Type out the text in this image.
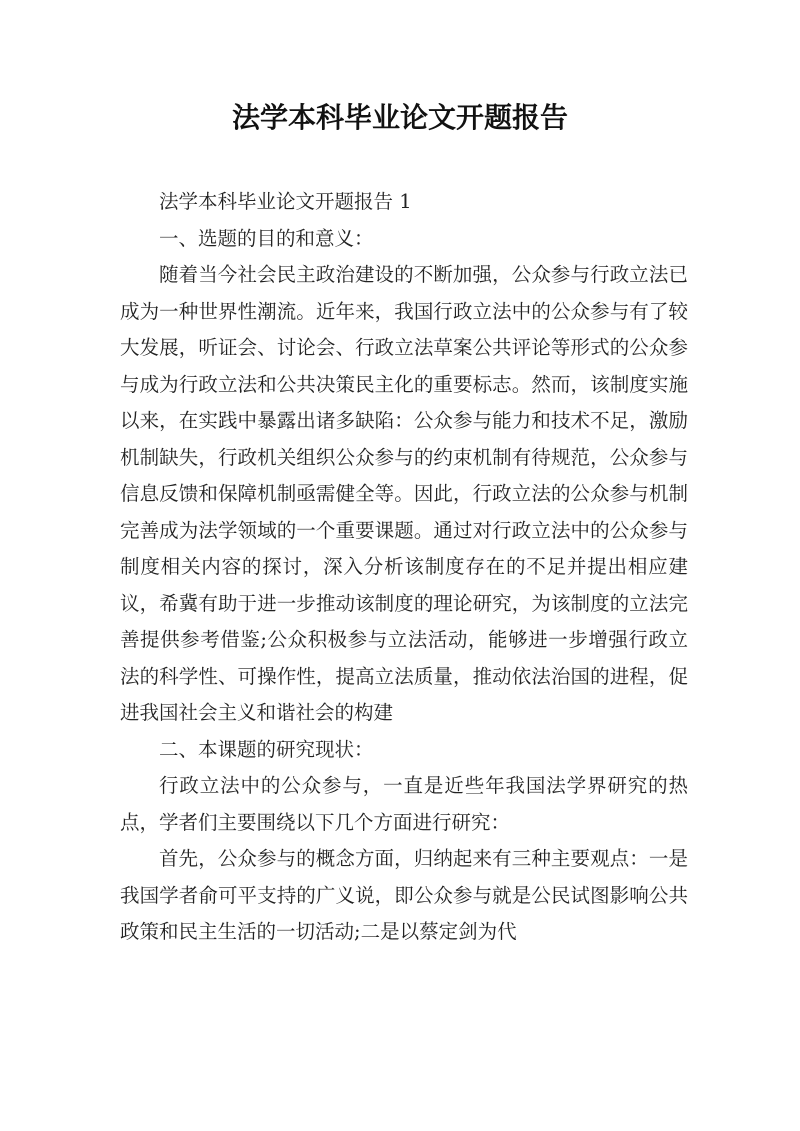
法学本科毕业论文开题报告

法学本科毕业论文开题报告 1

一、选题的目的和意义：

随着当今社会民主政治建设的不断加强，公众参与行政立法已成为一种世界性潮流。近年来，我国行政立法中的公众参与有了较大发展，听证会、讨论会、行政立法草案公共评论等形式的公众参与成为行政立法和公共决策民主化的重要标志。然而，该制度实施以来，在实践中暴露出诸多缺陷：公众参与能力和技术不足，激励机制缺失，行政机关组织公众参与的约束机制有待规范，公众参与信息反馈和保障机制亟需健全等。因此，行政立法的公众参与机制完善成为法学领域的一个重要课题。通过对行政立法中的公众参与制度相关内容的探讨，深入分析该制度存在的不足并提出相应建议，希冀有助于进一步推动该制度的理论研究，为该制度的立法完善提供参考借鉴;公众积极参与立法活动，能够进一步增强行政立法的科学性、可操作性，提高立法质量，推动依法治国的进程，促进我国社会主义和谐社会的构建

二、本课题的研究现状：

行政立法中的公众参与，一直是近些年我国法学界研究的热点，学者们主要围绕以下几个方面进行研究：

首先，公众参与的概念方面，归纳起来有三种主要观点：一是我国学者俞可平支持的广义说，即公众参与就是公民试图影响公共政策和民主生活的一切活动;二是以蔡定剑为代
